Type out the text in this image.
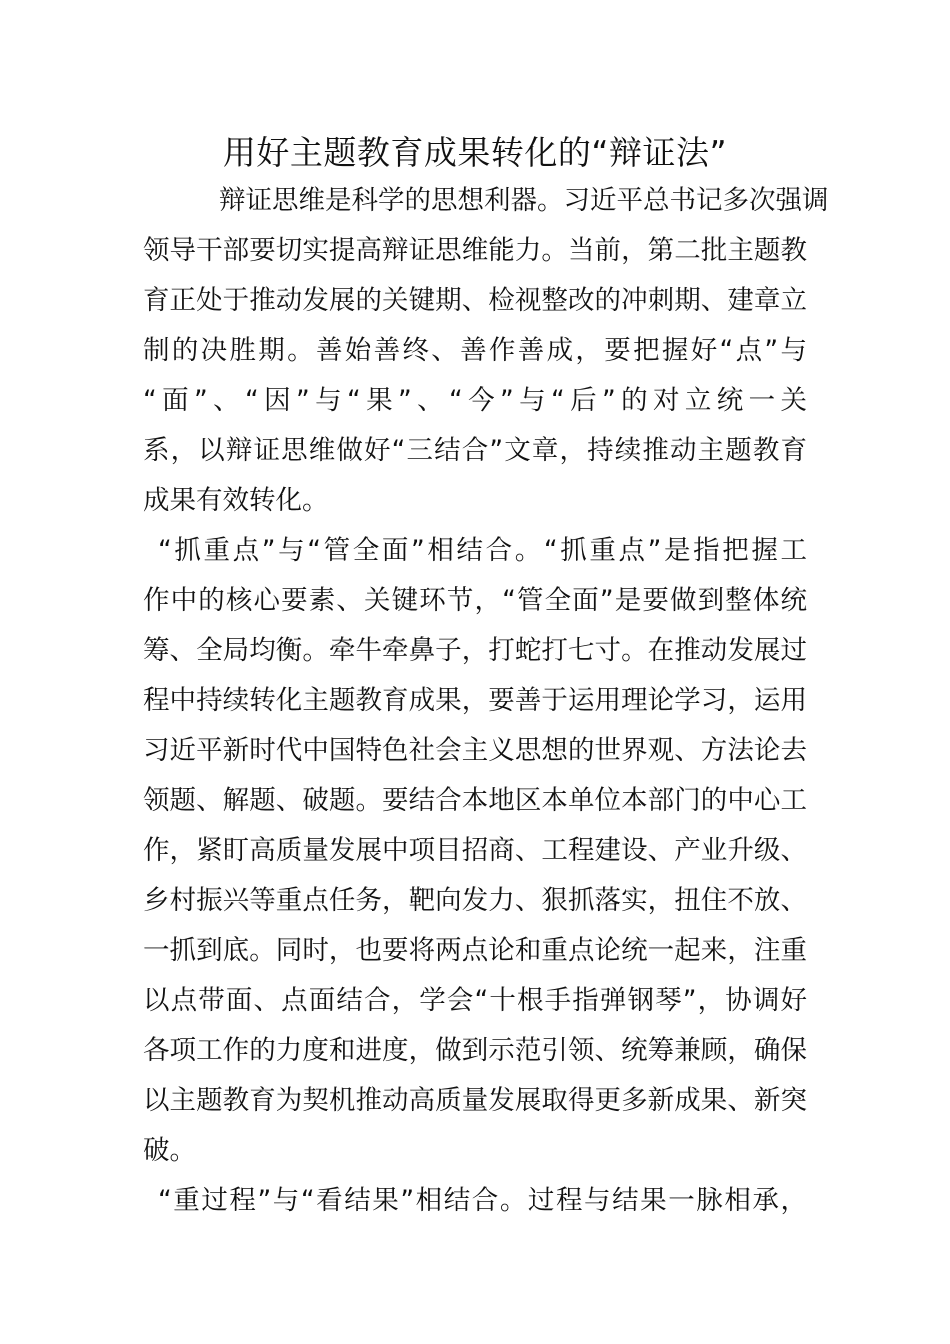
用好主题教育成果转化的“辩证法”
辩证思维是科学的思想利器。习近平总书记多次强调
领导干部要切实提高辩证思维能力。当前，第二批主题教
育正处于推动发展的关键期、检视整改的冲刺期、建章立
制的决胜期。善始善终、善作善成，要把握好“点”与
“面”、“因”与“果”、“今”与“后”的对立统一关
系，以辩证思维做好“三结合”文章，持续推动主题教育
成果有效转化。
“抓重点”与“管全面”相结合。“抓重点”是指把握工
作中的核心要素、关键环节，“管全面”是要做到整体统
筹、全局均衡。牵牛牵鼻子，打蛇打七寸。在推动发展过
程中持续转化主题教育成果，要善于运用理论学习，运用
习近平新时代中国特色社会主义思想的世界观、方法论去
领题、解题、破题。要结合本地区本单位本部门的中心工
作，紧盯高质量发展中项目招商、工程建设、产业升级、
乡村振兴等重点任务，靶向发力、狠抓落实，扭住不放、
一抓到底。同时，也要将两点论和重点论统一起来，注重
以点带面、点面结合，学会“十根手指弹钢琴”，协调好
各项工作的力度和进度，做到示范引领、统筹兼顾，确保
以主题教育为契机推动高质量发展取得更多新成果、新突
破。
“重过程”与“看结果”相结合。过程与结果一脉相承，
